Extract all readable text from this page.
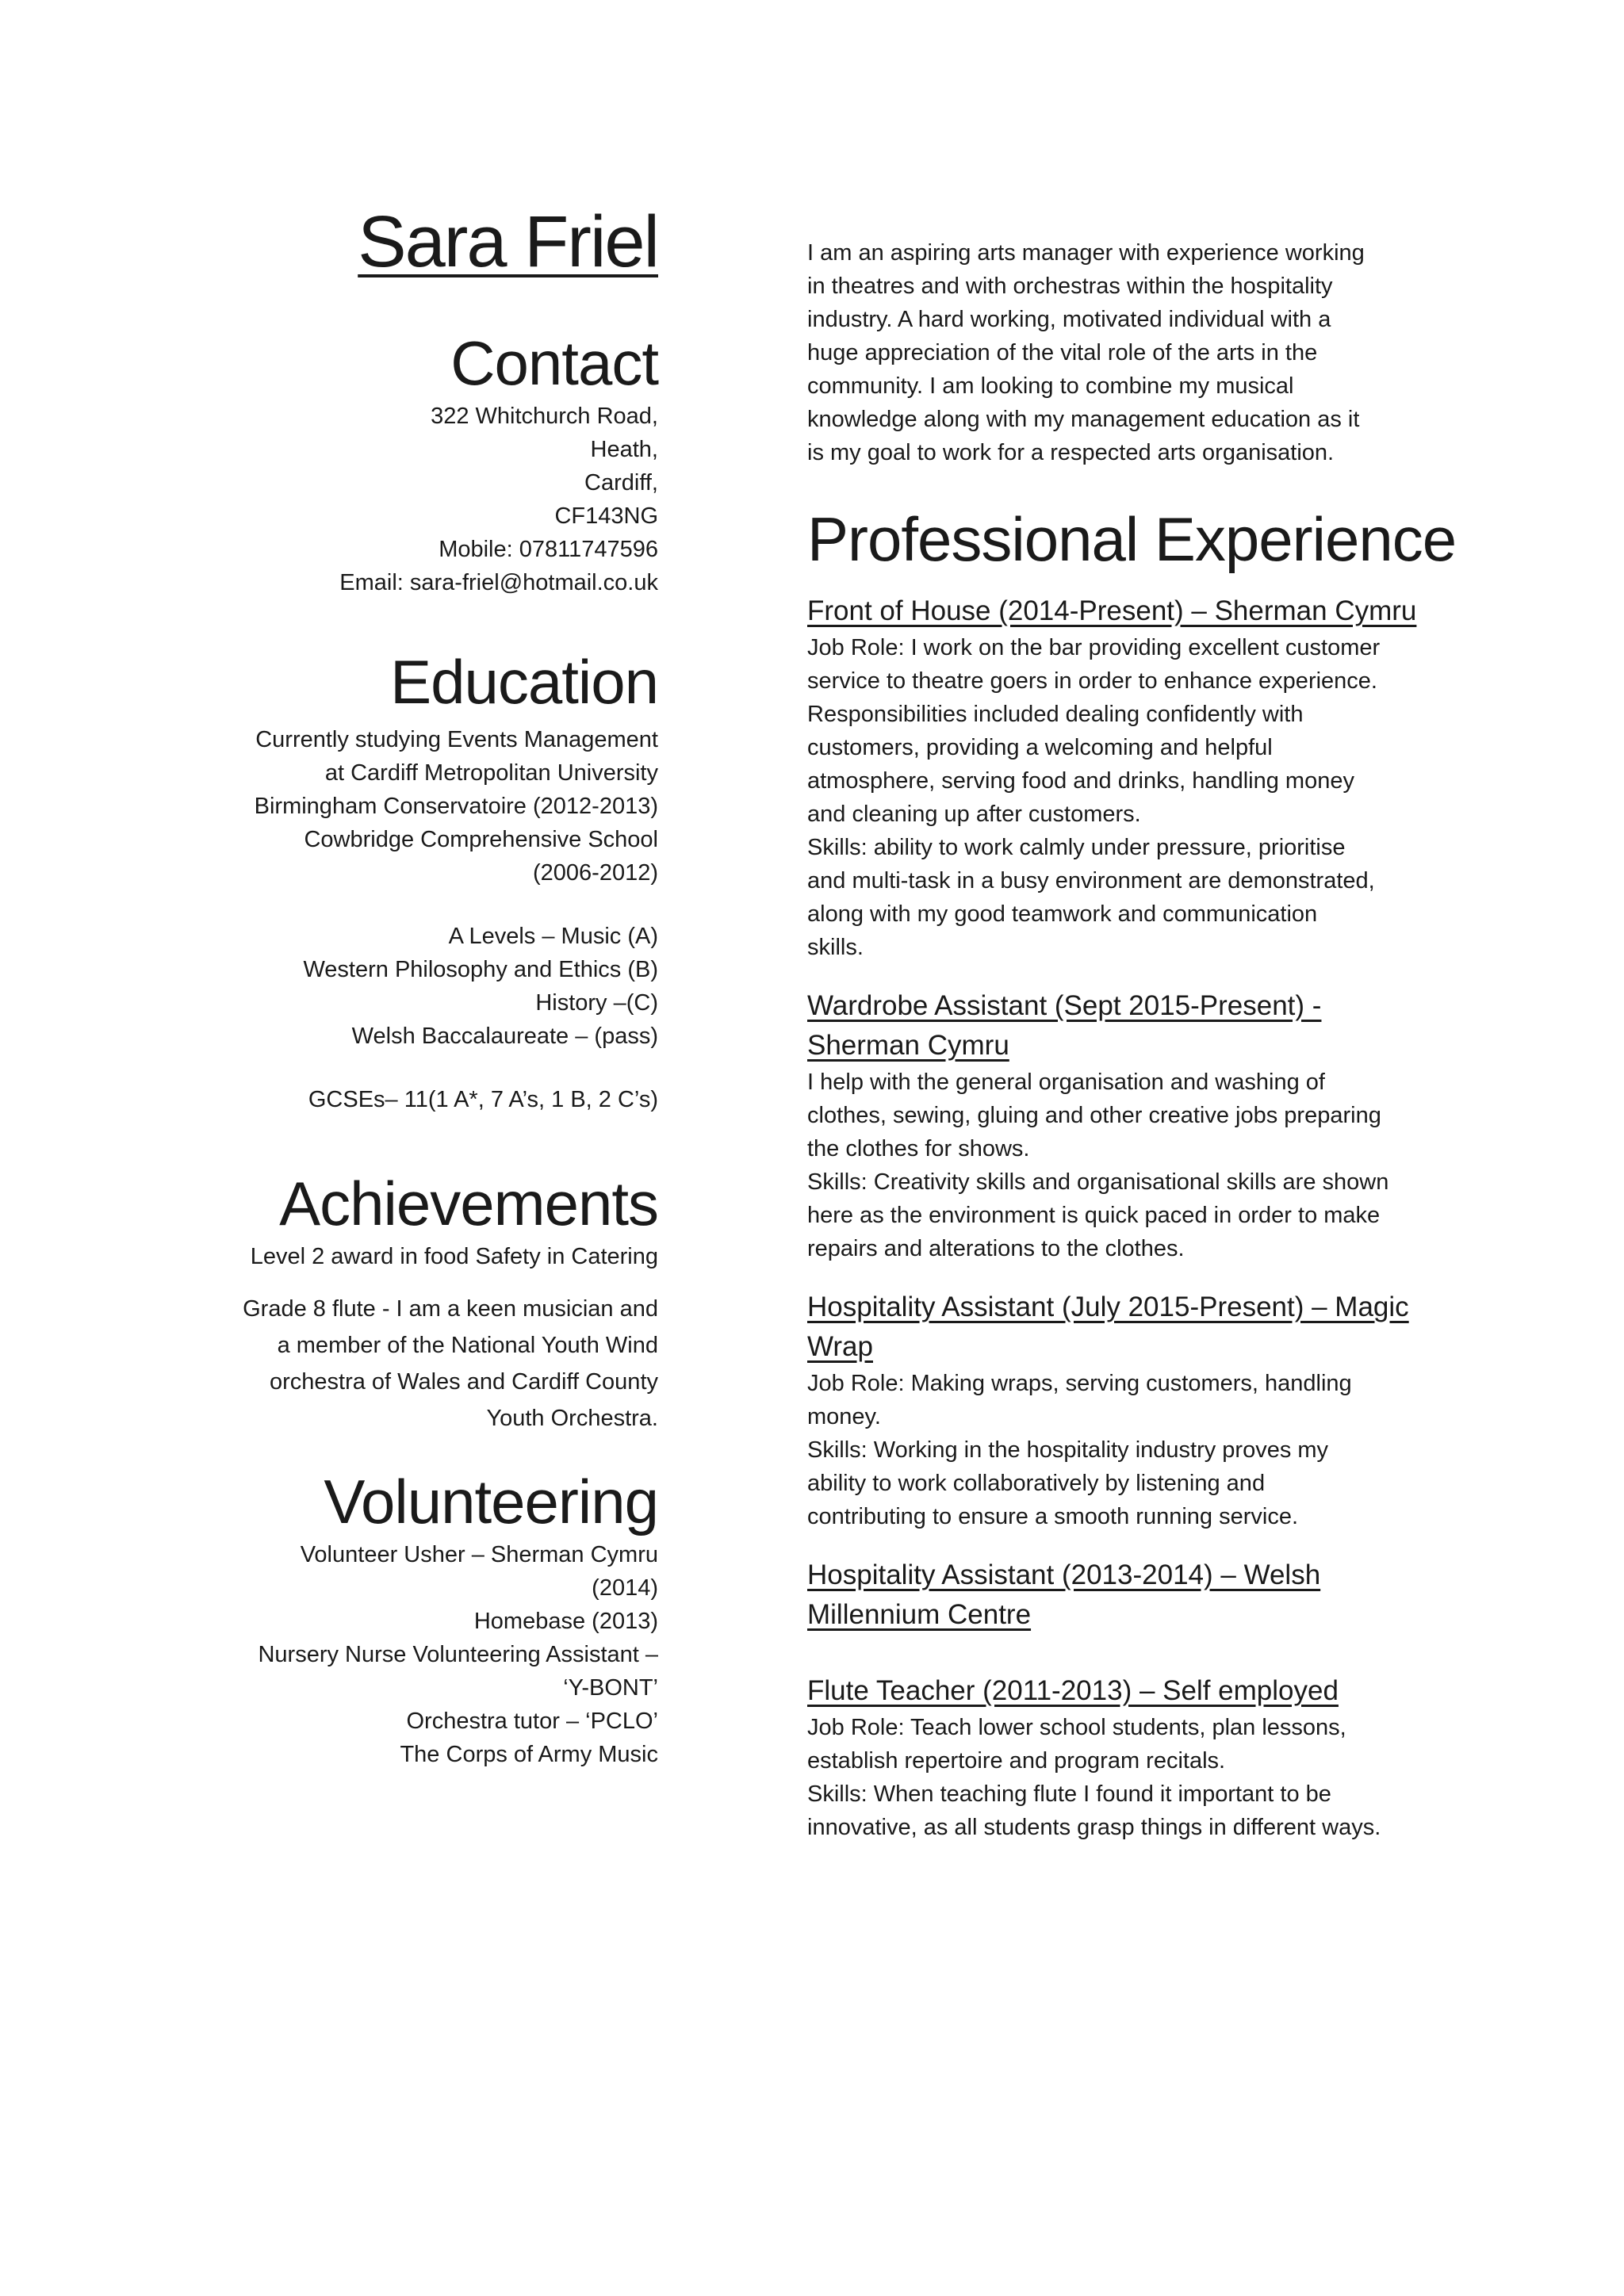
Sara Friel
Contact

322 Whitchurch Road,

Heath,

Cardiff,

CF143NG

Mobile: 07811747596

Email: sara-friel@hotmail.co.uk

Education

Currently studying Events Management

at Cardiff Metropolitan University

Birmingham Conservatoire (2012-2013)

Cowbridge Comprehensive School

(2006-2012)

A Levels – Music (A)

Western Philosophy and Ethics (B)

History –(C)

Welsh Baccalaureate – (pass)

GCSEs– 11(1 A*, 7 A’s, 1 B, 2 C’s)

Achievements

Level 2 award in food Safety in Catering

Grade 8 flute - I am a keen musician and

a member of the National Youth Wind

orchestra of Wales and Cardiff County

Youth Orchestra.

Volunteering

Volunteer Usher – Sherman Cymru

(2014)

Homebase (2013)

Nursery Nurse Volunteering Assistant –

‘Y-BONT’

Orchestra tutor – ‘PCLO’

The Corps of Army Music

I am an aspiring arts manager with experience working

in theatres and with orchestras within the hospitality

industry. A hard working, motivated individual with a

huge appreciation of the vital role of the arts in the

community. I am looking to combine my musical

knowledge along with my management education as it

is my goal to work for a respected arts organisation.

Professional Experience

Front of House (2014-Present) – Sherman Cymru

Job Role: I work on the bar providing excellent customer

service to theatre goers in order to enhance experience.

Responsibilities included dealing confidently with

customers, providing a welcoming and helpful

atmosphere, serving food and drinks, handling money

and cleaning up after customers.

Skills: ability to work calmly under pressure, prioritise

and multi-task in a busy environment are demonstrated,

along with my good teamwork and communication

skills.

Wardrobe Assistant (Sept 2015-Present) -

Sherman Cymru

I help with the general organisation and washing of

clothes, sewing, gluing and other creative jobs preparing

the clothes for shows.

Skills: Creativity skills and organisational skills are shown

here as the environment is quick paced in order to make

repairs and alterations to the clothes.

Hospitality Assistant (July 2015-Present) – Magic

Wrap

Job Role: Making wraps, serving customers, handling

money.

Skills: Working in the hospitality industry proves my

ability to work collaboratively by listening and

contributing to ensure a smooth running service.

Hospitality Assistant (2013-2014) – Welsh

Millennium Centre

Flute Teacher (2011-2013) – Self employed

Job Role: Teach lower school students, plan lessons,

establish repertoire and program recitals.

Skills: When teaching flute I found it important to be

innovative, as all students grasp things in different ways.
